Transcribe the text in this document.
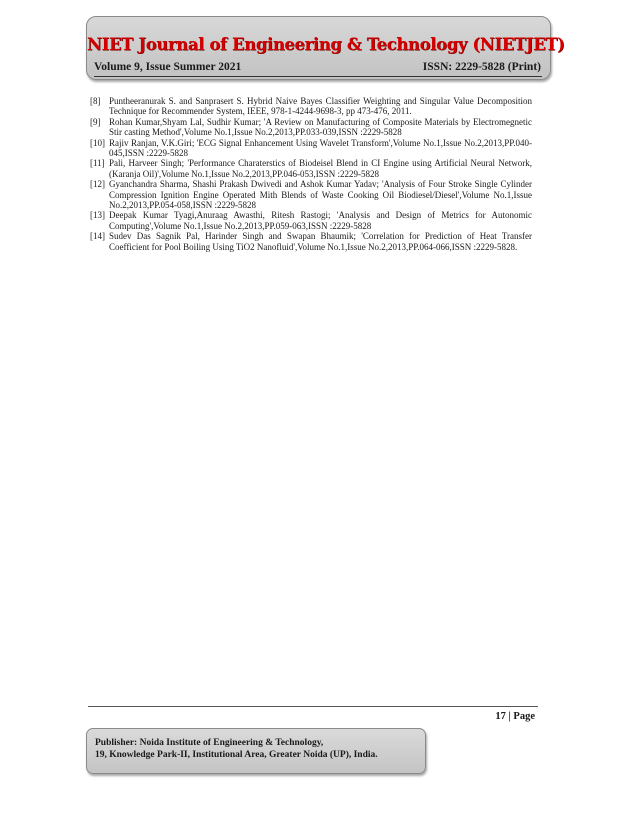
NIET Journal of Engineering & Technology (NIETJET)
Volume 9, Issue Summer 2021	ISSN: 2229-5828 (Print)
[8] Puntheeranurak S. and Sanprasert S. Hybrid Naive Bayes Classifier Weighting and Singular Value Decomposition Technique for Recommender System, IEEE, 978-1-4244-9698-3, pp 473-476, 2011.
[9] Rohan Kumar,Shyam Lal, Sudhir Kumar; 'A Review on Manufacturing of Composite Materials by Electromegnetic Stir casting Method',Volume No.1,Issue No.2,2013,PP.033-039,ISSN :2229-5828
[10] Rajiv Ranjan, V.K.Giri; 'ECG Signal Enhancement Using Wavelet Transform',Volume No.1,Issue No.2,2013,PP.040-045,ISSN :2229-5828
[11] Pali, Harveer Singh; 'Performance Charaterstics of Biodeisel Blend in CI Engine using Artificial Neural Network,(Karanja Oil)',Volume No.1,Issue No.2,2013,PP.046-053,ISSN :2229-5828
[12] Gyanchandra Sharma, Shashi Prakash Dwivedi and Ashok Kumar Yadav; 'Analysis of Four Stroke Single Cylinder Compression Ignition Engine Operated Mith Blends of Waste Cooking Oil Biodiesel/Diesel',Volume No.1,Issue No.2,2013,PP.054-058,ISSN :2229-5828
[13] Deepak Kumar Tyagi,Anuraag Awasthi, Ritesh Rastogi; 'Analysis and Design of Metrics for Autonomic Computing',Volume No.1,Issue No.2,2013,PP.059-063,ISSN :2229-5828
[14] Sudev Das Sagnik Pal, Harinder Singh and Swapan Bhaumik; 'Correlation for Prediction of Heat Transfer Coefficient for Pool Boiling Using TiO2 Nanofluid',Volume No.1,Issue No.2,2013,PP.064-066,ISSN :2229-5828.
17 | Page
Publisher: Noida Institute of Engineering & Technology,
19, Knowledge Park-II, Institutional Area, Greater Noida (UP), India.
